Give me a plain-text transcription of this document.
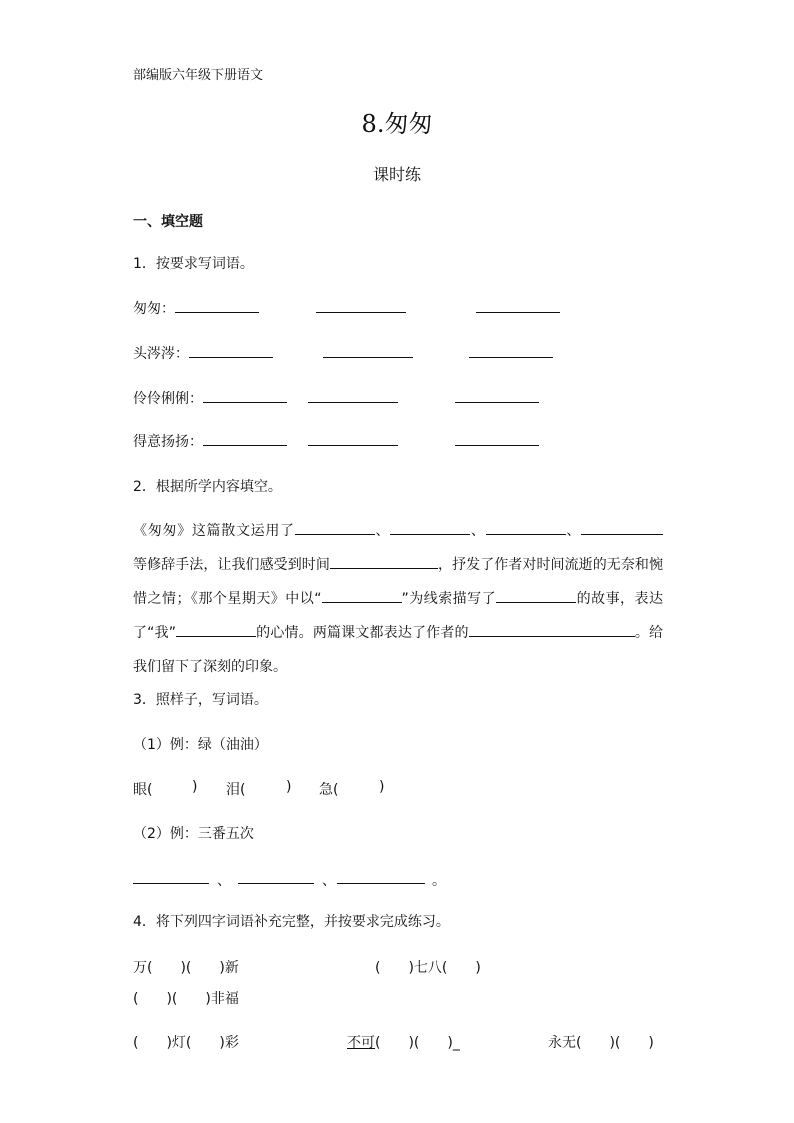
部编版六年级下册语文
8.匆匆
课时练
一、填空题
1．按要求写词语。
匆匆：
头涔涔：
伶伶俐俐：
得意扬扬：
2．根据所学内容填空。
《匆匆》这篇散文运用了	、	、	、等修辞手法，让我们感受到时间	，抒发了作者对时间流逝的无奈和惋惜之情；《那个星期天》中以“	”为线索描写了	的故事，表达了“我”	的心情。两篇课文都表达了作者的	。给我们留下了深刻的印象。
3．照样子，写词语。
（1）例：绿（油油）
眼(	) 泪(	) 急(	)
（2）例：三番五次
、	、	。
4．将下列四字词语补充完整，并按要求完成练习。
万(　　)(　　)新	(　　)七八(　　)
(　　)(　　)非福
(　　)灯(　　)彩	不可(　　)(　　)_	永无(　　)(　　)
